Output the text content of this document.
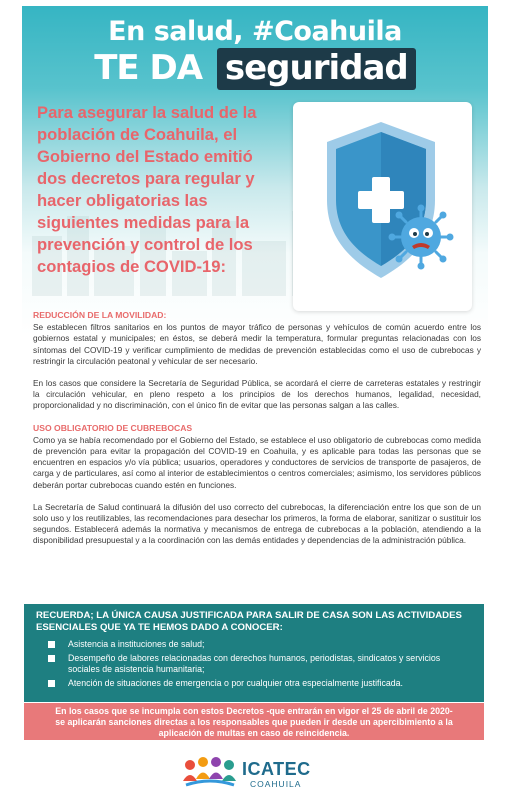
En salud, #Coahuila
TE DA seguridad
Para asegurar la salud de la población de Coahuila, el Gobierno del Estado emitió dos decretos para regular y hacer obligatorias las siguientes medidas para la prevención y control de los contagios de COVID-19:
REDUCCIÓN DE LA MOVILIDAD:

Se establecen filtros sanitarios en los puntos de mayor tráfico de personas y vehículos de común acuerdo entre los gobiernos estatal y municipales; en éstos, se deberá medir la temperatura, formular preguntas relacionadas con los síntomas del COVID-19 y verificar cumplimiento de medidas de prevención establecidas como el uso de cubrebocas y restringir la circulación peatonal y vehicular de ser necesario.

En los casos que considere la Secretaría de Seguridad Pública, se acordará el cierre de carreteras estatales y restringir la circulación vehicular, en pleno respeto a los principios de los derechos humanos, legalidad, necesidad, proporcionalidad y no discriminación, con el único fin de evitar que las personas salgan a las calles.

USO OBLIGATORIO DE CUBREBOCAS

Como ya se había recomendado por el Gobierno del Estado, se establece el uso obligatorio de cubrebocas como medida de prevención para evitar la propagación del COVID-19 en Coahuila, y es aplicable para todas las personas que se encuentren en espacios y/o vía pública; usuarios, operadores y conductores de servicios de transporte de pasajeros, de carga y de particulares, así como al interior de establecimientos o centros comerciales; asimismo, los servidores públicos deberán portar cubrebocas cuando estén en funciones.

La Secretaría de Salud continuará la difusión del uso correcto del cubrebocas, la diferenciación entre los que son de un solo uso y los reutilizables, las recomendaciones para desechar los primeros, la forma de elaborar, sanitizar o sustituir los segundos. Establecerá además la normativa y mecanismos de entrega de cubrebocas a la población, atendiendo a la disponibilidad presupuestal y a la coordinación con las demás entidades y dependencias de la administración pública.

RECUERDA; LA ÚNICA CAUSA JUSTIFICADA PARA SALIR DE CASA SON LAS ACTIVIDADES ESENCIALES QUE YA TE HEMOS DADO A CONOCER:
Asistencia a instituciones de salud;
Desempeño de labores relacionadas con derechos humanos, periodistas, sindicatos y servicios sociales de asistencia humanitaria;
Atención de situaciones de emergencia o por cualquier otra especialmente justificada.
En los casos que se incumpla con estos Decretos -que entrarán en vigor el 25 de abril de 2020- se aplicarán sanciones directas a los responsables que pueden ir desde un apercibimiento a la aplicación de multas en caso de reincidencia.
ICATEC
COAHUILA
